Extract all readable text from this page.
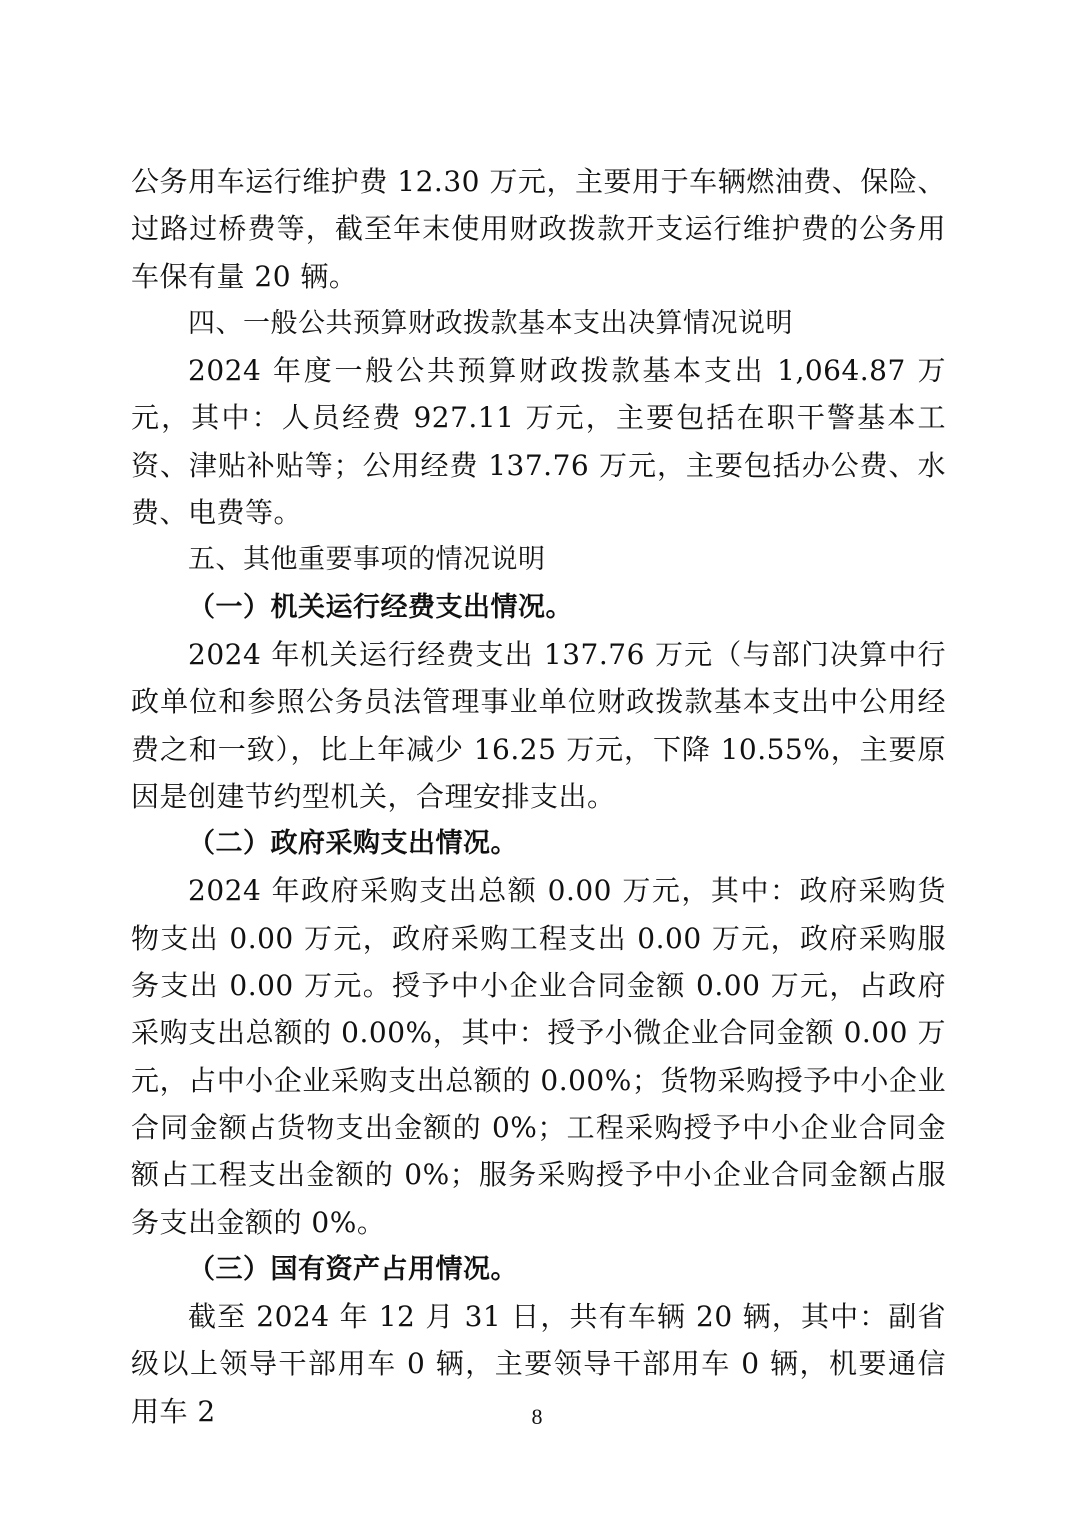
公务用车运行维护费 12.30 万元，主要用于车辆燃油费、保险、过路过桥费等，截至年末使用财政拨款开支运行维护费的公务用车保有量 20 辆。

四、一般公共预算财政拨款基本支出决算情况说明

2024 年度一般公共预算财政拨款基本支出 1,064.87 万元，其中：人员经费 927.11 万元，主要包括在职干警基本工资、津贴补贴等；公用经费 137.76 万元，主要包括办公费、水费、电费等。

五、其他重要事项的情况说明

（一）机关运行经费支出情况。

2024 年机关运行经费支出 137.76 万元（与部门决算中行政单位和参照公务员法管理事业单位财政拨款基本支出中公用经费之和一致），比上年减少 16.25 万元，下降 10.55%，主要原因是创建节约型机关，合理安排支出。

（二）政府采购支出情况。

2024 年政府采购支出总额 0.00 万元，其中：政府采购货物支出 0.00 万元，政府采购工程支出 0.00 万元，政府采购服务支出 0.00 万元。授予中小企业合同金额 0.00 万元，占政府采购支出总额的 0.00%，其中：授予小微企业合同金额 0.00 万元，占中小企业采购支出总额的 0.00%；货物采购授予中小企业合同金额占货物支出金额的 0%；工程采购授予中小企业合同金额占工程支出金额的 0%；服务采购授予中小企业合同金额占服务支出金额的 0%。

（三）国有资产占用情况。

截至 2024 年 12 月 31 日，共有车辆 20 辆，其中：副省级以上领导干部用车 0 辆，主要领导干部用车 0 辆，机要通信用车 2	8
